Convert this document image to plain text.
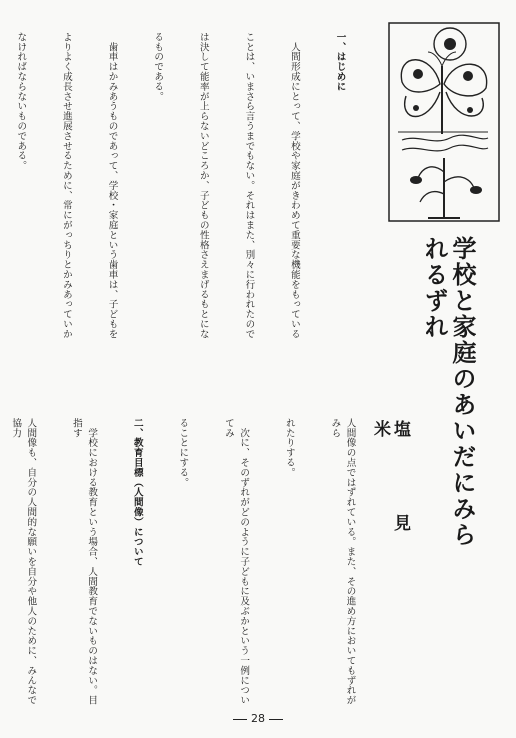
学校と家庭のあいだにみられるずれ
塩　見　米

一、はじめに

　人間形成にとって、学校や家庭がきわめて重要な機能をもっている

ことは、いまさら言うまでもない。それはまた、別々に行われたので

は決して能率が上らないどころか、子どもの性格さえまげるもとにな

るものである。

　歯車はかみあうものであって、学校・家庭という歯車は、子どもを

よりよく成長させ進展させるために、常にがっちりとかみあっていか

なければならないものである。

人間像の点ではずれている。また、その進め方においてもずれがみら

れたりする。

　次に、そのずれがどのように子どもに及ぶかという一例についてみ

ることにする。

二、教育目標（人間像）について

　学校における教育という場合、人間教育でないものはない。目指す

人間像も、自分の人間的な願いを自分や他人のために、みんなで協力

28
